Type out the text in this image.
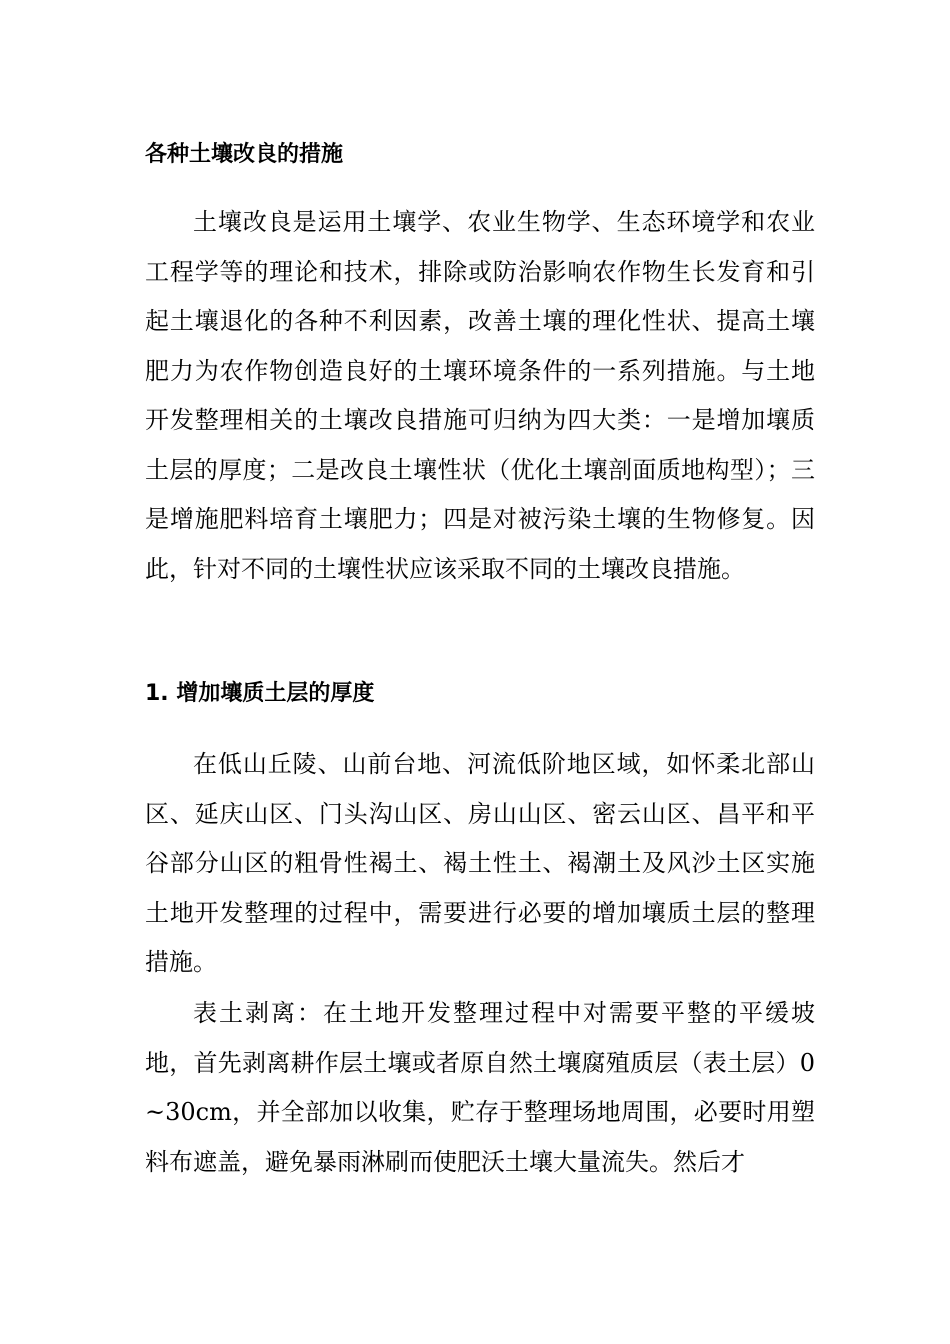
各种土壤改良的措施

土壤改良是运用土壤学、农业生物学、生态环境学和农业工程学等的理论和技术，排除或防治影响农作物生长发育和引起土壤退化的各种不利因素，改善土壤的理化性状、提高土壤肥力为农作物创造良好的土壤环境条件的一系列措施。与土地开发整理相关的土壤改良措施可归纳为四大类：一是增加壤质土层的厚度；二是改良土壤性状（优化土壤剖面质地构型）；三是增施肥料培育土壤肥力；四是对被污染土壤的生物修复。因此，针对不同的土壤性状应该采取不同的土壤改良措施。

1. 增加壤质土层的厚度

在低山丘陵、山前台地、河流低阶地区域，如怀柔北部山区、延庆山区、门头沟山区、房山山区、密云山区、昌平和平谷部分山区的粗骨性褐土、褐土性土、褐潮土及风沙土区实施土地开发整理的过程中，需要进行必要的增加壤质土层的整理措施。

表土剥离：在土地开发整理过程中对需要平整的平缓坡地，首先剥离耕作层土壤或者原自然土壤腐殖质层（表土层）0~30cm，并全部加以收集，贮存于整理场地周围，必要时用塑料布遮盖，避免暴雨淋刷而使肥沃土壤大量流失。然后才
